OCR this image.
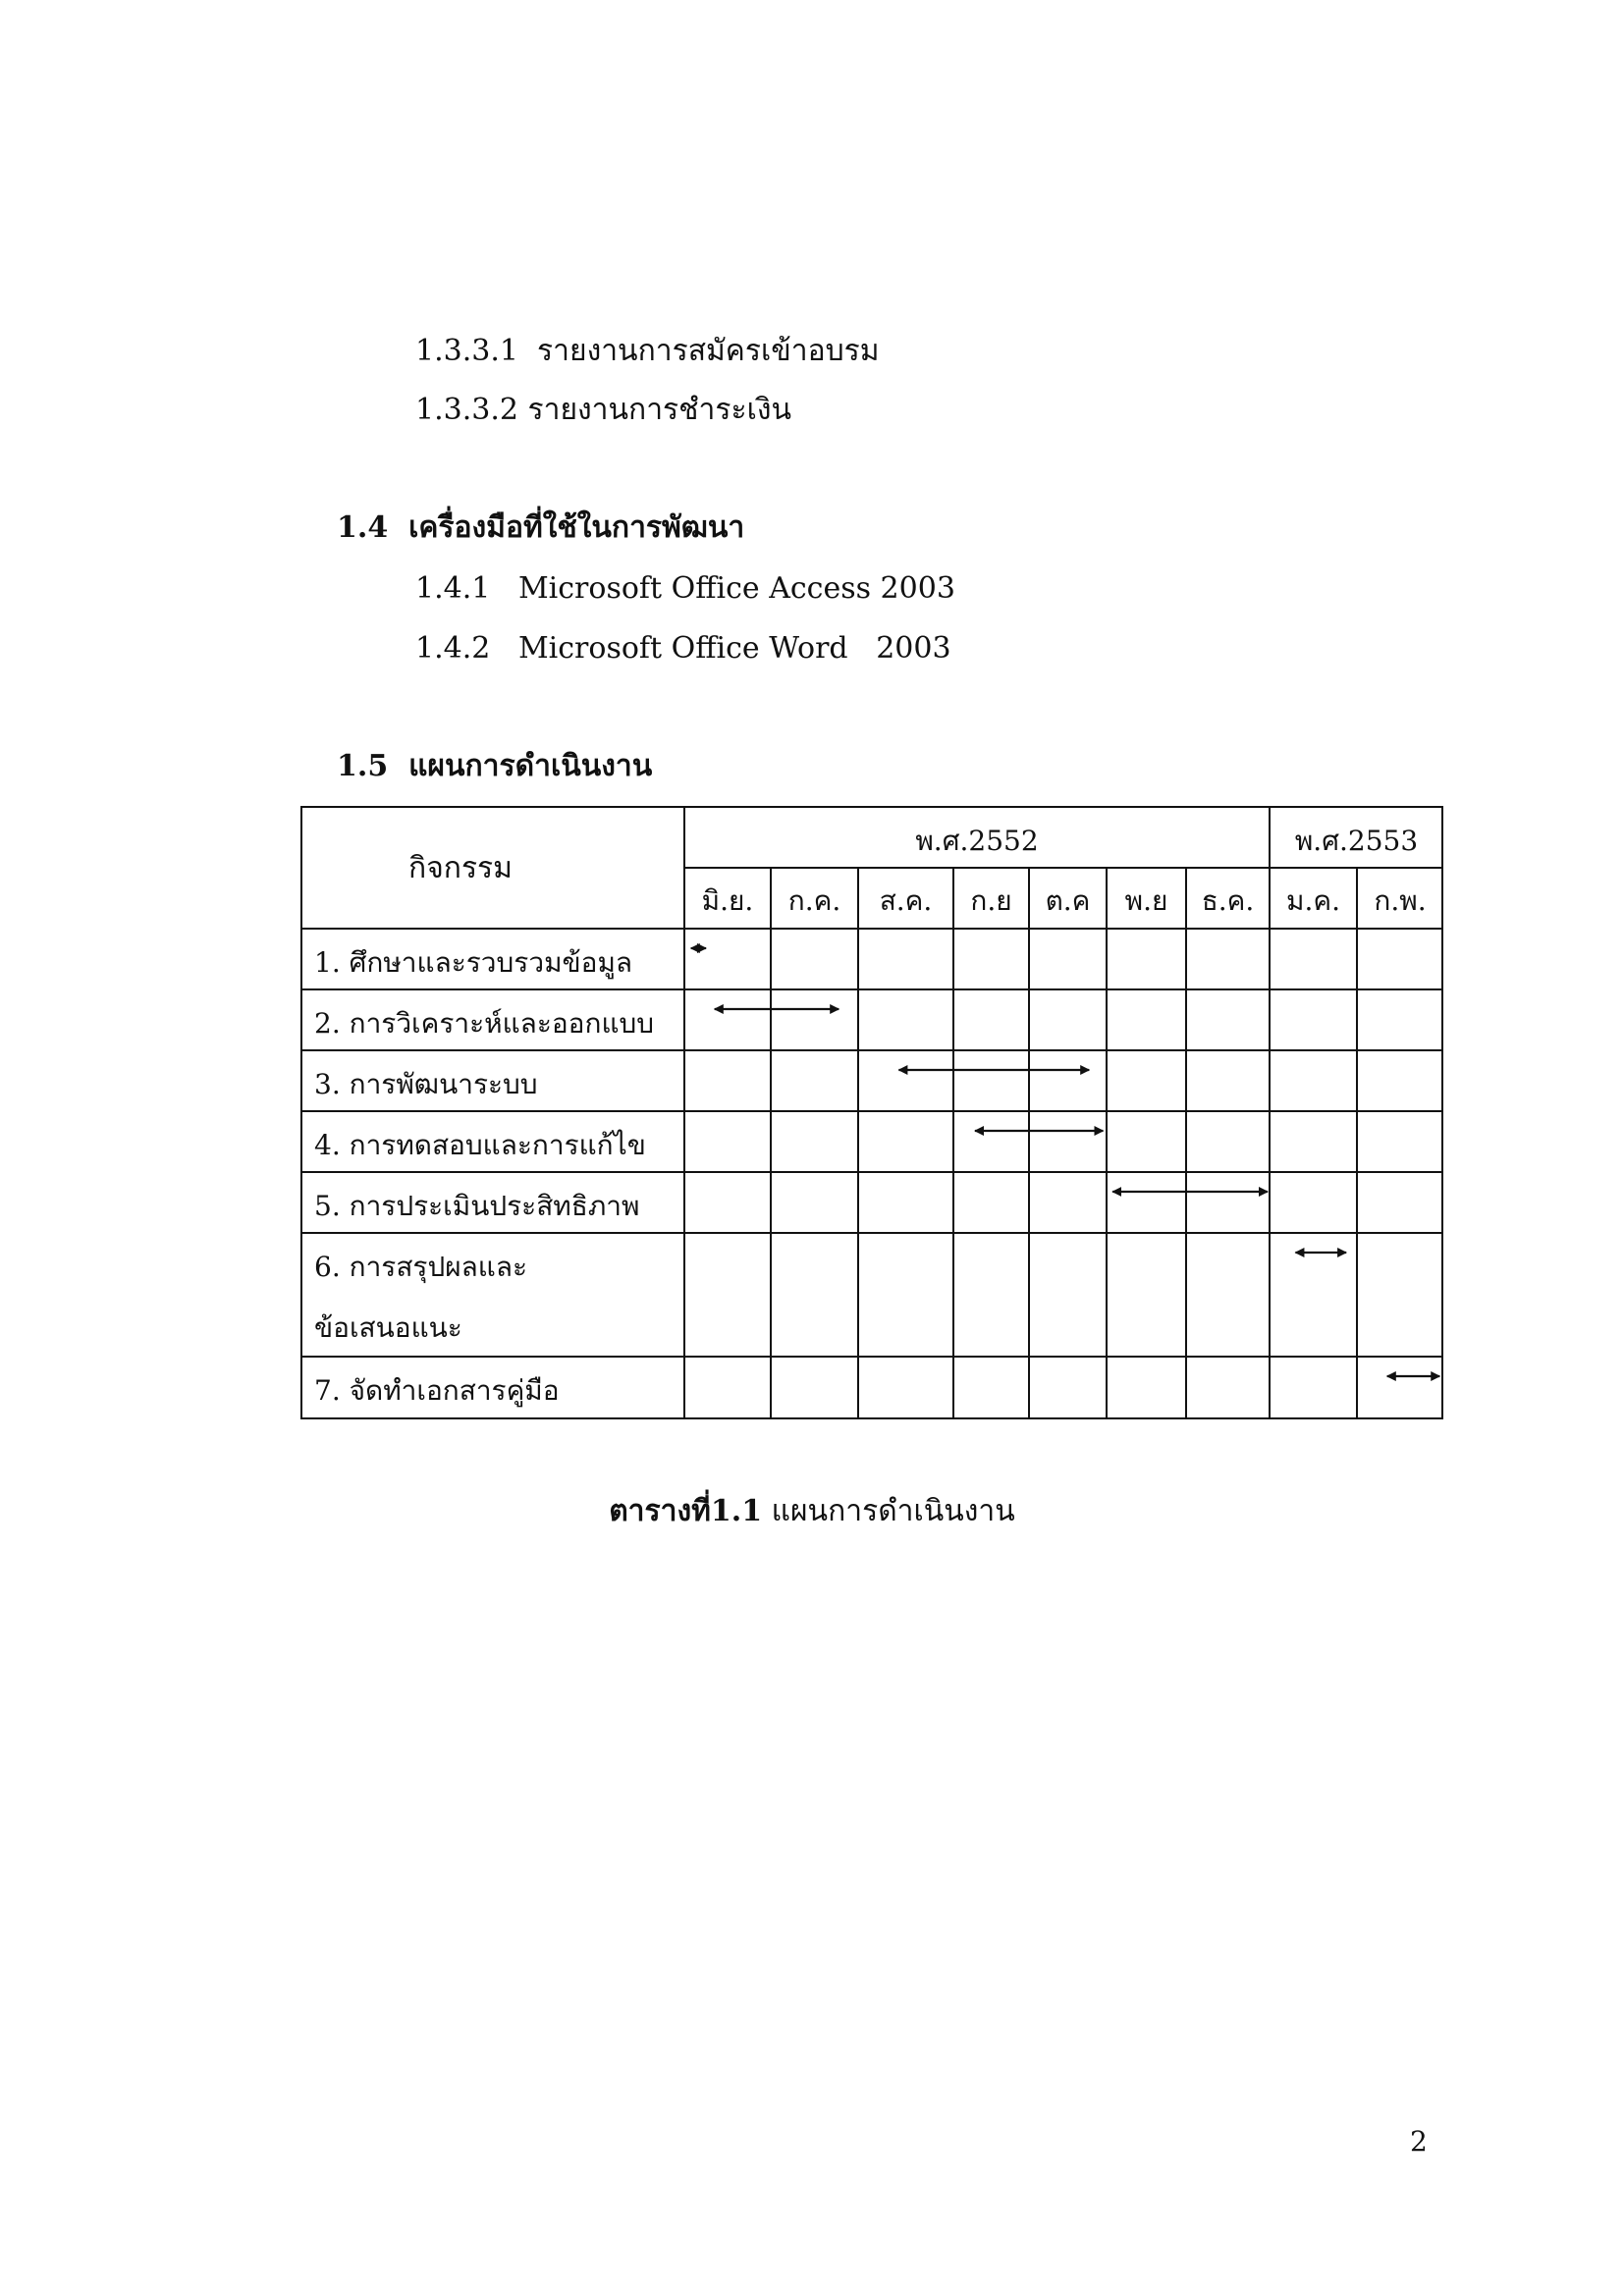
1.3.3.1  รายงานการสมัครเข้าอบรม
1.3.3.2 รายงานการชำระเงิน
1.4  เครื่องมือที่ใช้ในการพัฒนา
1.4.1   Microsoft Office Access 2003
1.4.2   Microsoft Office Word   2003
1.5  แผนการดำเนินงาน
กิจกรรม
พ.ศ.2552	พ.ศ.2553
มิ.ย. ก.ค. ส.ค. ก.ย ต.ค พ.ย ธ.ค. ม.ค. ก.พ.
1. ศึกษาและรวบรวมข้อมูล
2. การวิเคราะห์และออกแบบ
3. การพัฒนาระบบ
4. การทดสอบและการแก้ไข
5. การประเมินประสิทธิภาพ
6. การสรุปผลและ
ข้อเสนอแนะ
7. จัดทำเอกสารคู่มือ
ตารางที่1.1 แผนการดำเนินงาน
2
